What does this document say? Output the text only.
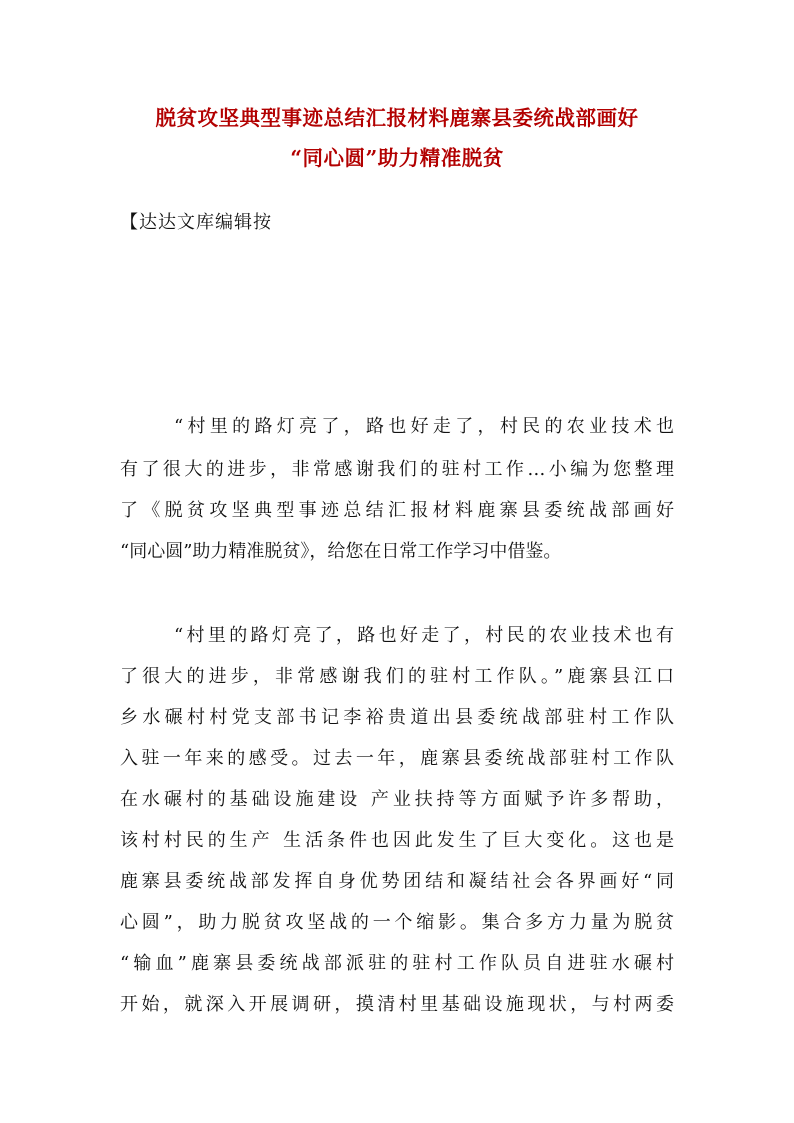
脱贫攻坚典型事迹总结汇报材料鹿寨县委统战部画好
“同心圆”助力精准脱贫
【达达文库编辑按
“村里的路灯亮了，路也好走了，村民的农业技术也
有了很大的进步，非常感谢我们的驻村工作…小编为您整理
了《脱贫攻坚典型事迹总结汇报材料鹿寨县委统战部画好
“同心圆”助力精准脱贫》，给您在日常工作学习中借鉴。
“村里的路灯亮了，路也好走了，村民的农业技术也有
了很大的进步，非常感谢我们的驻村工作队。”鹿寨县江口
乡水碾村村党支部书记李裕贵道出县委统战部驻村工作队
入驻一年来的感受。过去一年，鹿寨县委统战部驻村工作队
在水碾村的基础设施建设 产业扶持等方面赋予许多帮助，
该村村民的生产 生活条件也因此发生了巨大变化。这也是
鹿寨县委统战部发挥自身优势团结和凝结社会各界画好“同
心圆”，助力脱贫攻坚战的一个缩影。集合多方力量为脱贫
“输血”鹿寨县委统战部派驻的驻村工作队员自进驻水碾村
开始，就深入开展调研，摸清村里基础设施现状，与村两委
